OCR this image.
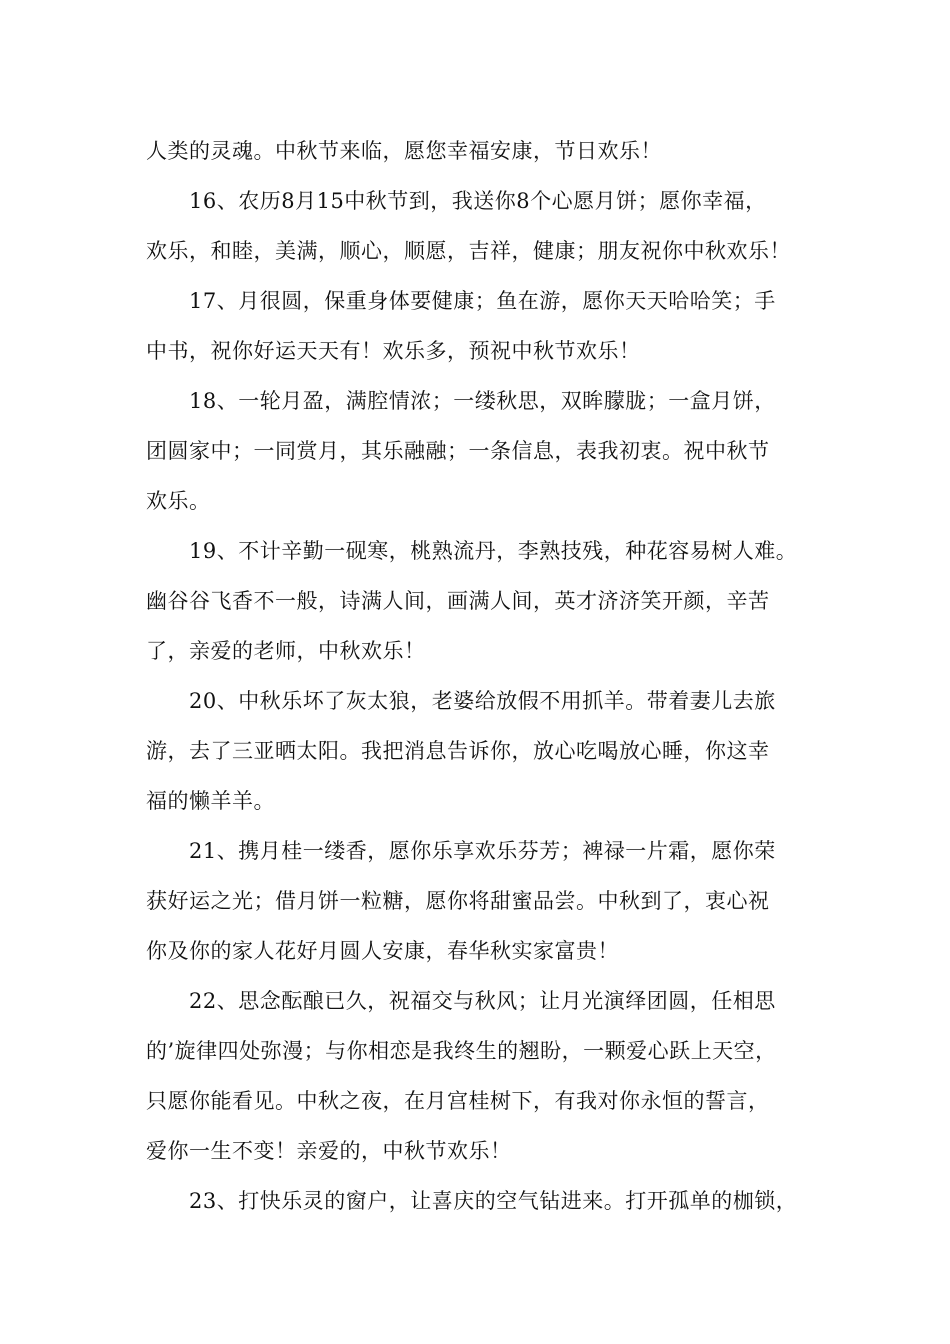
人类的灵魂。中秋节来临，愿您幸福安康，节日欢乐！
16、农历8月15中秋节到，我送你8个心愿月饼；愿你幸福，
欢乐，和睦，美满，顺心，顺愿，吉祥，健康；朋友祝你中秋欢乐！
17、月很圆，保重身体要健康；鱼在游，愿你天天哈哈笑；手
中书，祝你好运天天有！欢乐多，预祝中秋节欢乐！
18、一轮月盈，满腔情浓；一缕秋思，双眸朦胧；一盒月饼，
团圆家中；一同赏月，其乐融融；一条信息，表我初衷。祝中秋节
欢乐。
19、不计辛勤一砚寒，桃熟流丹，李熟技残，种花容易树人难。
幽谷谷飞香不一般，诗满人间，画满人间，英才济济笑开颜，辛苦
了，亲爱的老师，中秋欢乐！
20、中秋乐坏了灰太狼，老婆给放假不用抓羊。带着妻儿去旅
游，去了三亚晒太阳。我把消息告诉你，放心吃喝放心睡，你这幸
福的懒羊羊。
21、携月桂一缕香，愿你乐享欢乐芬芳；裨禄一片霜，愿你荣
获好运之光；借月饼一粒糖，愿你将甜蜜品尝。中秋到了，衷心祝
你及你的家人花好月圆人安康，春华秋实家富贵！
22、思念酝酿已久，祝福交与秋风；让月光演绎团圆，任相思
的’旋律四处弥漫；与你相恋是我终生的翘盼，一颗爱心跃上天空，
只愿你能看见。中秋之夜，在月宫桂树下，有我对你永恒的誓言，
爱你一生不变！亲爱的，中秋节欢乐！
23、打快乐灵的窗户，让喜庆的空气钻进来。打开孤单的枷锁，
